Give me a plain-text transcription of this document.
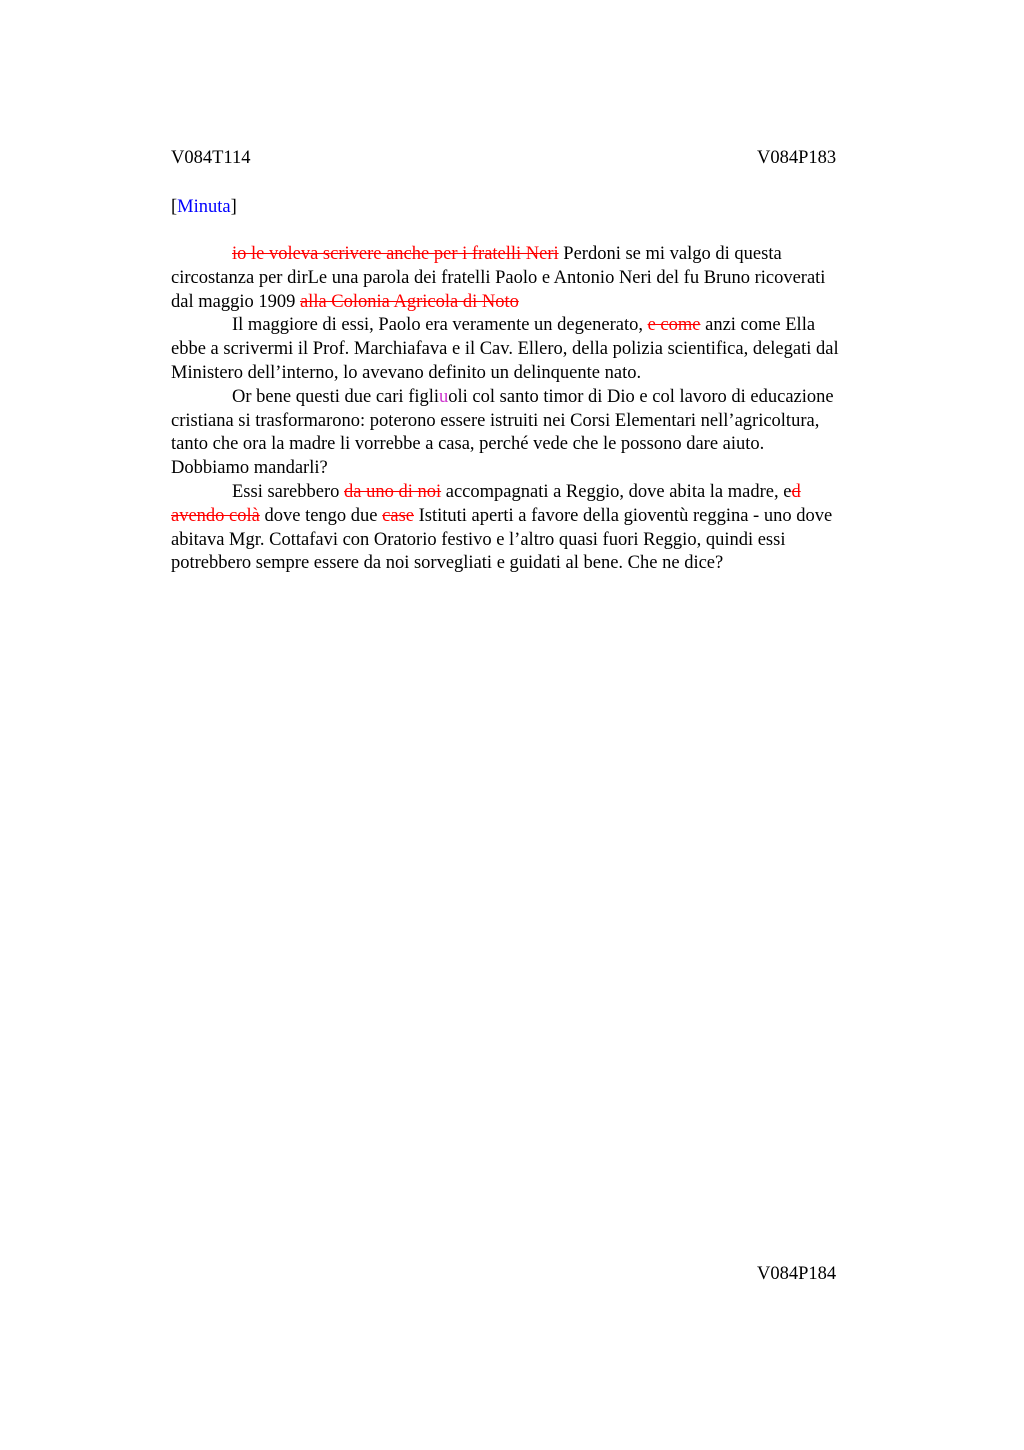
V084T114	V084P183
[Minuta]
io le voleva scrivere anche per i fratelli Neri Perdoni se mi valgo di questa
circostanza per dirLe una parola dei fratelli Paolo e Antonio Neri del fu Bruno ricoverati
dal maggio 1909 alla Colonia Agricola di Noto
Il maggiore di essi, Paolo era veramente un degenerato, e come anzi come Ella
ebbe a scrivermi il Prof. Marchiafava e il Cav. Ellero, della polizia scientifica, delegati dal
Ministero dell’interno, lo avevano definito un delinquente nato.
Or bene questi due cari figliuoli col santo timor di Dio e col lavoro di educazione
cristiana si trasformarono: poterono essere istruiti nei Corsi Elementari nell’agricoltura,
tanto che ora la madre li vorrebbe a casa, perché vede che le possono dare aiuto.
Dobbiamo mandarli?
Essi sarebbero da uno di noi accompagnati a Reggio, dove abita la madre, ed
avendo colà dove tengo due case Istituti aperti a favore della gioventù reggina - uno dove
abitava Mgr. Cottafavi con Oratorio festivo e l’altro quasi fuori Reggio, quindi essi
potrebbero sempre essere da noi sorvegliati e guidati al bene. Che ne dice?
V084P184
